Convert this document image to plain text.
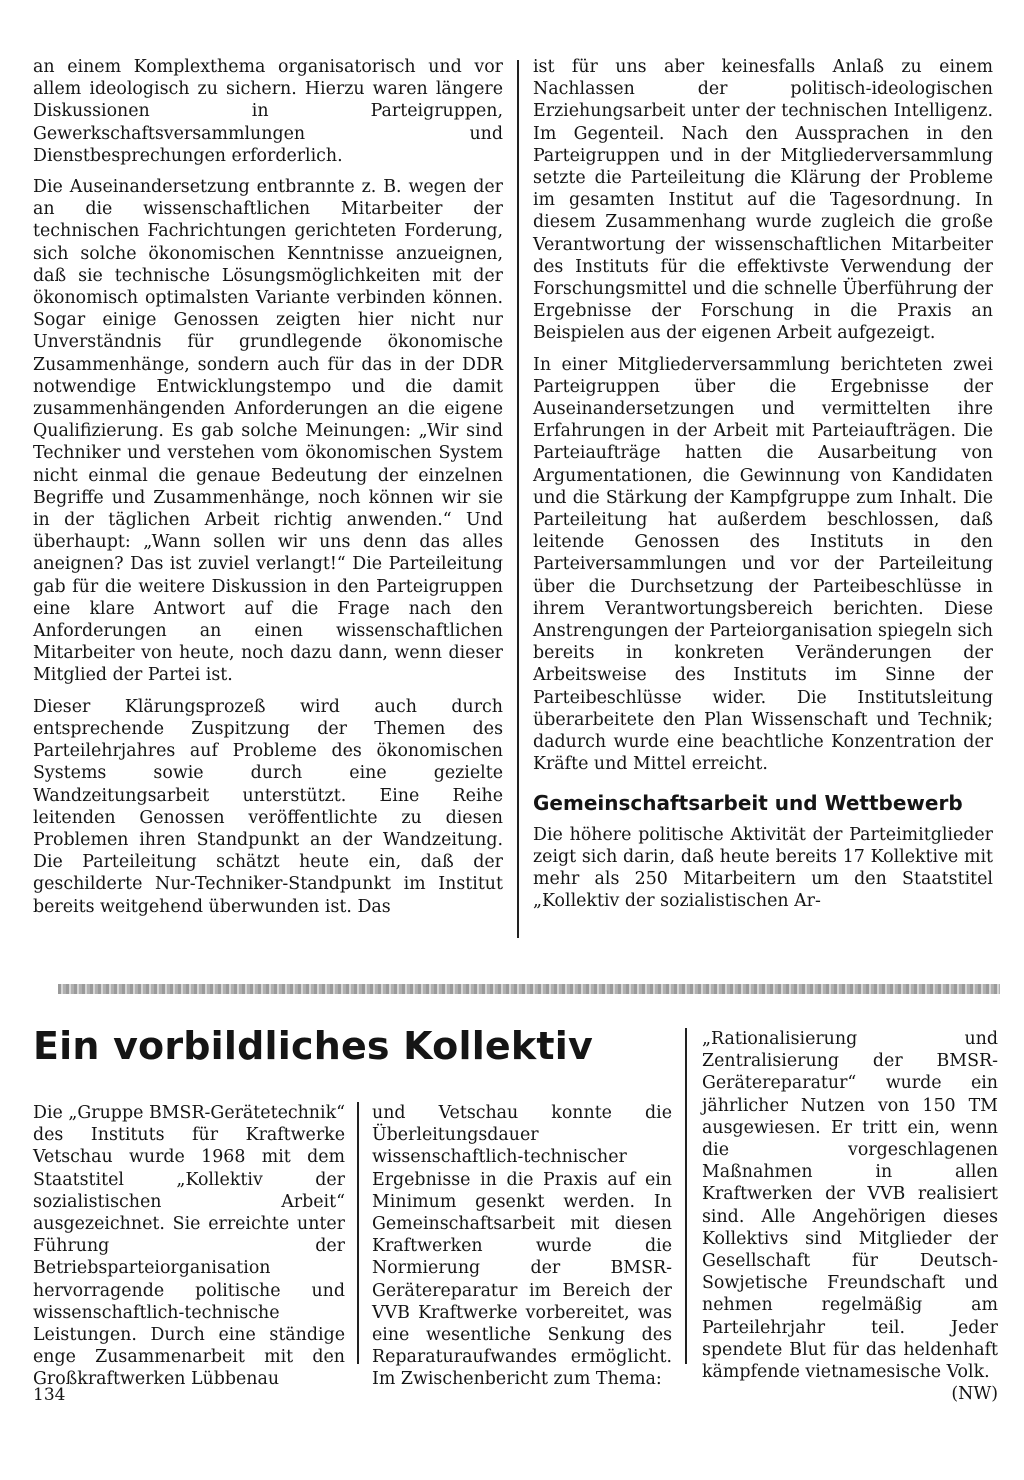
an einem Komplexthema organisatorisch und vor allem ideologisch zu sichern. Hierzu waren längere Diskussionen in Parteigruppen, Gewerkschaftsversammlungen und Dienstbesprechungen erforderlich.

Die Auseinandersetzung entbrannte z. B. wegen der an die wissenschaftlichen Mitarbeiter der technischen Fachrichtungen gerichteten Forderung, sich solche ökonomischen Kenntnisse anzueignen, daß sie technische Lösungsmöglichkeiten mit der ökonomisch optimalsten Variante verbinden können. Sogar einige Genossen zeigten hier nicht nur Unverständnis für grundlegende ökonomische Zusammenhänge, sondern auch für das in der DDR notwendige Entwicklungstempo und die damit zusammenhängenden Anforderungen an die eigene Qualifizierung. Es gab solche Meinungen: „Wir sind Techniker und verstehen vom ökonomischen System nicht einmal die genaue Bedeutung der einzelnen Begriffe und Zusammenhänge, noch können wir sie in der täglichen Arbeit richtig anwenden.“ Und überhaupt: „Wann sollen wir uns denn das alles aneignen? Das ist zuviel verlangt!“ Die Parteileitung gab für die weitere Diskussion in den Parteigruppen eine klare Antwort auf die Frage nach den Anforderungen an einen wissenschaftlichen Mitarbeiter von heute, noch dazu dann, wenn dieser Mitglied der Partei ist.

Dieser Klärungsprozeß wird auch durch entsprechende Zuspitzung der Themen des Parteilehrjahres auf Probleme des ökonomischen Systems sowie durch eine gezielte Wandzeitungsarbeit unterstützt. Eine Reihe leitenden Genossen veröffentlichte zu diesen Problemen ihren Standpunkt an der Wandzeitung. Die Parteileitung schätzt heute ein, daß der geschilderte Nur-Techniker-Standpunkt im Institut bereits weitgehend überwunden ist. Das

ist für uns aber keinesfalls Anlaß zu einem Nachlassen der politisch-ideologischen Erziehungsarbeit unter der technischen Intelligenz. Im Gegenteil. Nach den Aussprachen in den Parteigruppen und in der Mitgliederversammlung setzte die Parteileitung die Klärung der Probleme im gesamten Institut auf die Tagesordnung. In diesem Zusammenhang wurde zugleich die große Verantwortung der wissenschaftlichen Mitarbeiter des Instituts für die effektivste Verwendung der Forschungsmittel und die schnelle Überführung der Ergebnisse der Forschung in die Praxis an Beispielen aus der eigenen Arbeit aufgezeigt.

In einer Mitgliederversammlung berichteten zwei Parteigruppen über die Ergebnisse der Auseinandersetzungen und vermittelten ihre Erfahrungen in der Arbeit mit Parteiaufträgen. Die Parteiaufträge hatten die Ausarbeitung von Argumentationen, die Gewinnung von Kandidaten und die Stärkung der Kampfgruppe zum Inhalt. Die Parteileitung hat außerdem beschlossen, daß leitende Genossen des Instituts in den Parteiversammlungen und vor der Parteileitung über die Durchsetzung der Parteibeschlüsse in ihrem Verantwortungsbereich berichten. Diese Anstrengungen der Parteiorganisation spiegeln sich bereits in konkreten Veränderungen der Arbeitsweise des Instituts im Sinne der Parteibeschlüsse wider. Die Institutsleitung überarbeitete den Plan Wissenschaft und Technik; dadurch wurde eine beachtliche Konzentration der Kräfte und Mittel erreicht.

Gemeinschaftsarbeit und Wettbewerb

Die höhere politische Aktivität der Parteimitglieder zeigt sich darin, daß heute bereits 17 Kollektive mit mehr als 250 Mitarbeitern um den Staatstitel „Kollektiv der sozialistischen Ar-

Ein vorbildliches Kollektiv

Die „Gruppe BMSR-Gerätetechnik“ des Instituts für Kraftwerke Vetschau wurde 1968 mit dem Staatstitel „Kollektiv der sozialistischen Arbeit“ ausgezeichnet. Sie erreichte unter Führung der Betriebsparteiorganisation hervorragende politische und wissenschaftlich-technische Leistungen. Durch eine ständige enge Zusammenarbeit mit den Großkraftwerken Lübbenau

und Vetschau konnte die Überleitungsdauer wissenschaftlich-technischer Ergebnisse in die Praxis auf ein Minimum gesenkt werden. In Gemeinschaftsarbeit mit diesen Kraftwerken wurde die Normierung der BMSR-Gerätereparatur im Bereich der VVB Kraftwerke vorbereitet, was eine wesentliche Senkung des Reparaturaufwandes ermöglicht. Im Zwischenbericht zum Thema:

„Rationalisierung und Zentralisierung der BMSR-Gerätereparatur“ wurde ein jährlicher Nutzen von 150 TM ausgewiesen. Er tritt ein, wenn die vorgeschlagenen Maßnahmen in allen Kraftwerken der VVB realisiert sind. Alle Angehörigen dieses Kollektivs sind Mitglieder der Gesellschaft für Deutsch-Sowjetische Freundschaft und nehmen regelmäßig am Parteilehrjahr teil. Jeder spendete Blut für das heldenhaft kämpfende vietnamesische Volk.
(NW)

134
